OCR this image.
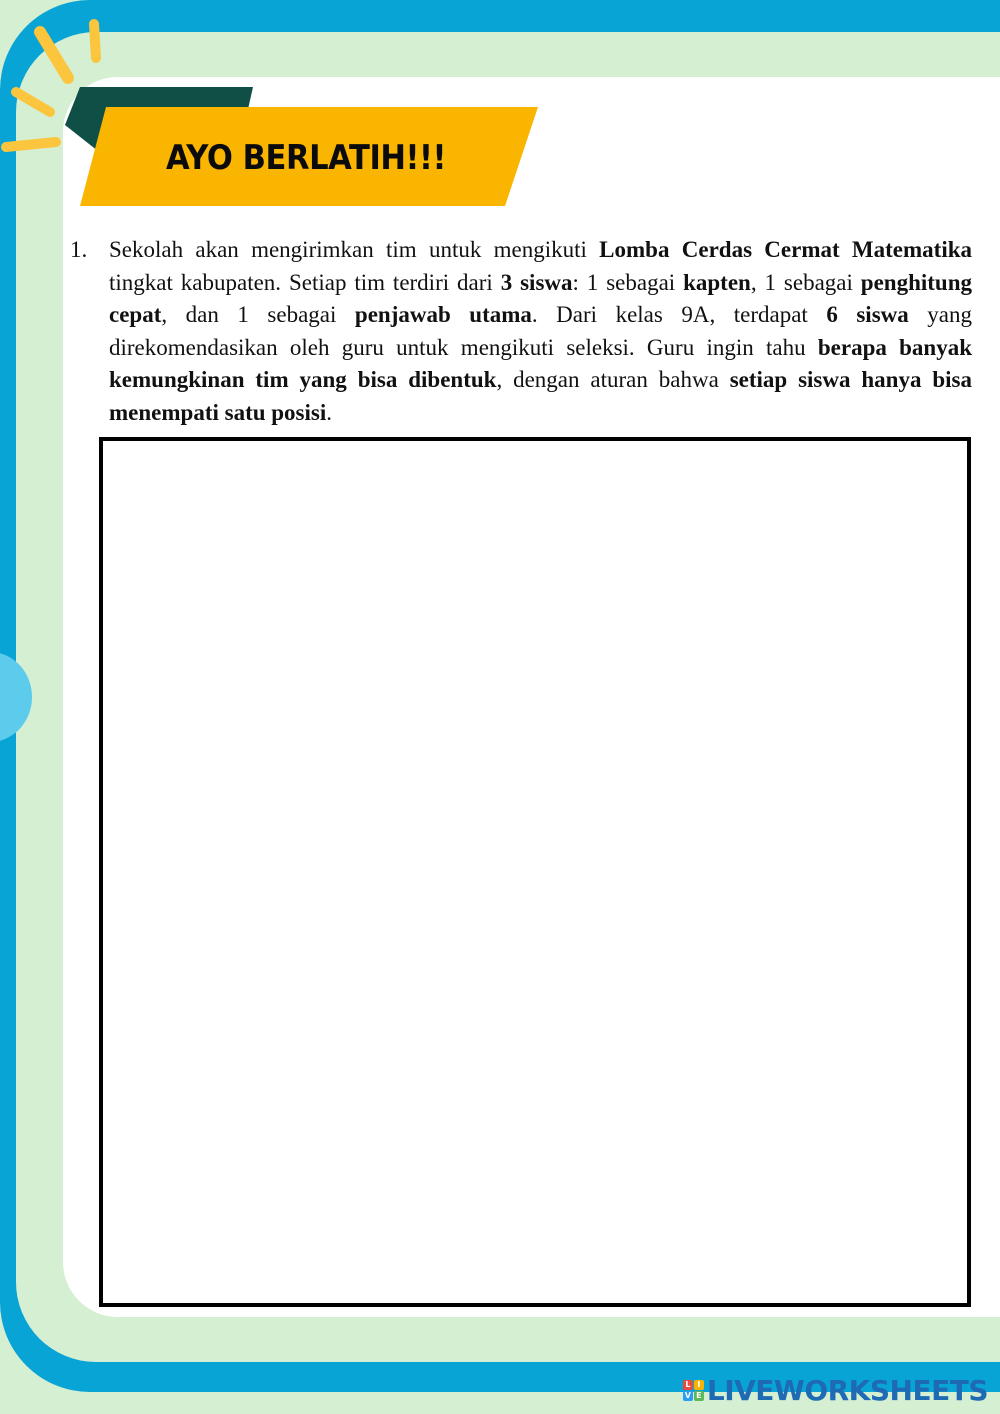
AYO BERLATIH!!!
1. Sekolah akan mengirimkan tim untuk mengikuti Lomba Cerdas Cermat Matematika tingkat kabupaten. Setiap tim terdiri dari 3 siswa: 1 sebagai kapten, 1 sebagai penghitung cepat, dan 1 sebagai penjawab utama. Dari kelas 9A, terdapat 6 siswa yang direkomendasikan oleh guru untuk mengikuti seleksi. Guru ingin tahu berapa banyak kemungkinan tim yang bisa dibentuk, dengan aturan bahwa setiap siswa hanya bisa menempati satu posisi.
L I
V E LIVEWORKSHEETS
